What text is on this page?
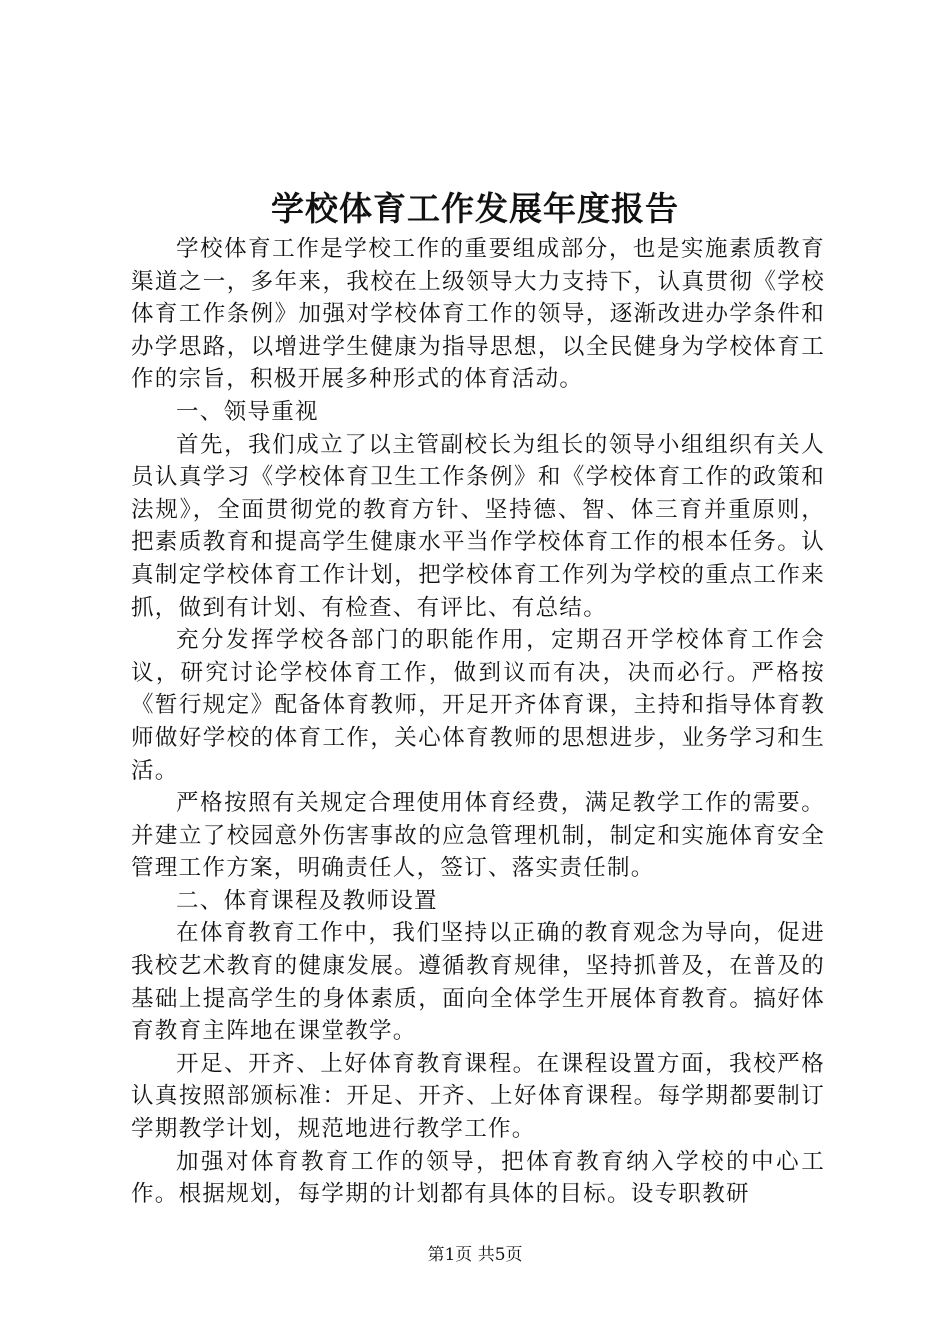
学校体育工作发展年度报告

学校体育工作是学校工作的重要组成部分，也是实施素质教育渠道之一，多年来，我校在上级领导大力支持下，认真贯彻《学校体育工作条例》加强对学校体育工作的领导，逐渐改进办学条件和办学思路，以增进学生健康为指导思想，以全民健身为学校体育工作的宗旨，积极开展多种形式的体育活动。

一、领导重视

首先，我们成立了以主管副校长为组长的领导小组组织有关人员认真学习《学校体育卫生工作条例》和《学校体育工作的政策和法规》，全面贯彻党的教育方针、坚持德、智、体三育并重原则，把素质教育和提高学生健康水平当作学校体育工作的根本任务。认真制定学校体育工作计划，把学校体育工作列为学校的重点工作来抓，做到有计划、有检查、有评比、有总结。

充分发挥学校各部门的职能作用，定期召开学校体育工作会议，研究讨论学校体育工作，做到议而有决，决而必行。严格按《暂行规定》配备体育教师，开足开齐体育课，主持和指导体育教师做好学校的体育工作，关心体育教师的思想进步，业务学习和生活。

严格按照有关规定合理使用体育经费，满足教学工作的需要。并建立了校园意外伤害事故的应急管理机制，制定和实施体育安全管理工作方案，明确责任人，签订、落实责任制。

二、体育课程及教师设置

在体育教育工作中，我们坚持以正确的教育观念为导向，促进我校艺术教育的健康发展。遵循教育规律，坚持抓普及，在普及的基础上提高学生的身体素质，面向全体学生开展体育教育。搞好体育教育主阵地在课堂教学。

开足、开齐、上好体育教育课程。在课程设置方面，我校严格认真按照部颁标准：开足、开齐、上好体育课程。每学期都要制订学期教学计划，规范地进行教学工作。

加强对体育教育工作的领导，把体育教育纳入学校的中心工作。根据规划，每学期的计划都有具体的目标。设专职教研

第1页 共5页
